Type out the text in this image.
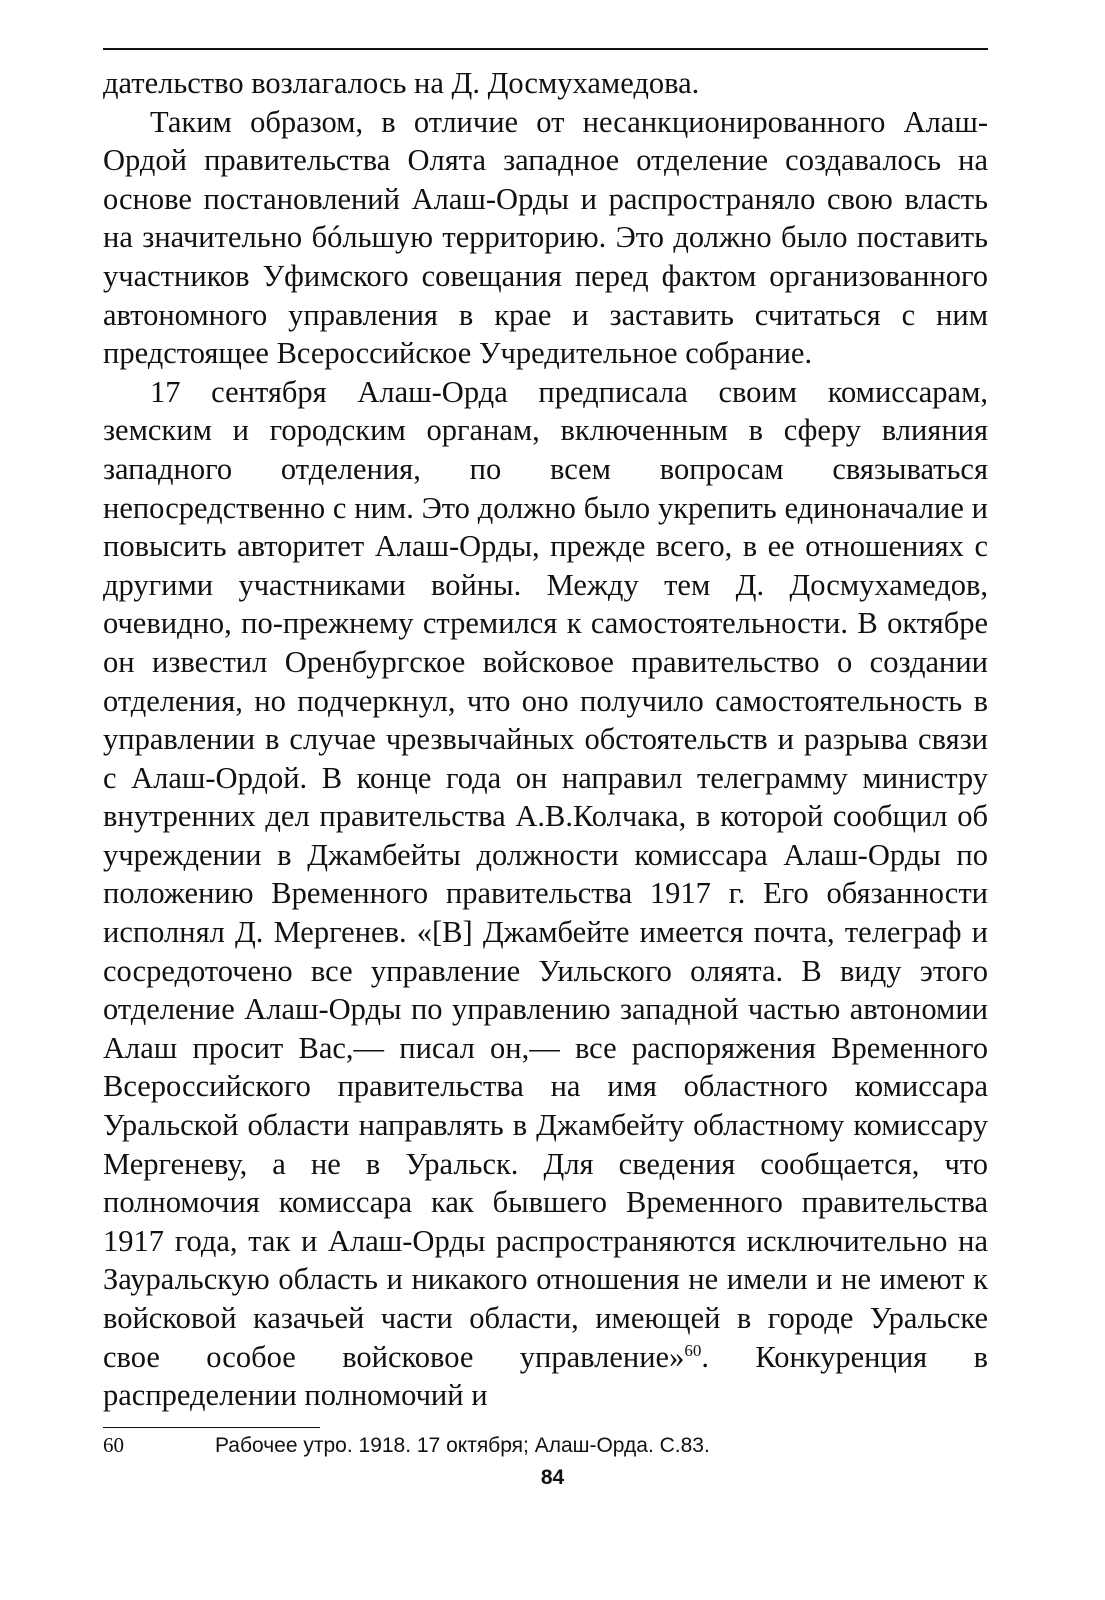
дательство возлагалось на Д. Досмухамедова.

Таким образом, в отличие от несанкционированного Алаш-Ордой правительства Олята западное отделение создавалось на основе постановлений Алаш-Орды и распространяло свою власть на значительно бóльшую территорию. Это должно было поставить участников Уфимского совещания перед фактом организованного автономного управления в крае и заставить считаться с ним предстоящее Всероссийское Учредительное собрание.

17 сентября Алаш-Орда предписала своим комиссарам, земским и городским органам, включенным в сферу влияния западного отделения, по всем вопросам связываться непосредственно с ним. Это должно было укрепить единоначалие и повысить авторитет Алаш-Орды, прежде всего, в ее отношениях с другими участниками войны. Между тем Д. Досмухамедов, очевидно, по-прежнему стремился к самостоятельности. В октябре он известил Оренбургское войсковое правительство о создании отделения, но подчеркнул, что оно получило самостоятельность в управлении в случае чрезвычайных обстоятельств и разрыва связи с Алаш-Ордой. В конце года он направил телеграмму министру внутренних дел правительства А.В.Колчака, в которой сообщил об учреждении в Джамбейты должности комиссара Алаш-Орды по положению Временного правительства 1917 г. Его обязанности исполнял Д. Мергенев. «[В] Джамбейте имеется почта, телеграф и сосредоточено все управление Уильского оляята. В виду этого отделение Алаш-Орды по управлению западной частью автономии Алаш просит Вас,— писал он,— все распоряжения Временного Всероссийского правительства на имя областного комиссара Уральской области направлять в Джамбейту областному комиссару Мергеневу, а не в Уральск. Для сведения сообщается, что полномочия комиссара как бывшего Временного правительства 1917 года, так и Алаш-Орды распространяются исключительно на Зауральскую область и никакого отношения не имели и не имеют к войсковой казачьей части области, имеющей в городе Уральске свое особое войсковое управление»$^{60}$. Конкуренция в распределении полномочий и

60	Рабочее утро. 1918. 17 октября; Алаш-Орда. С.83.
84
